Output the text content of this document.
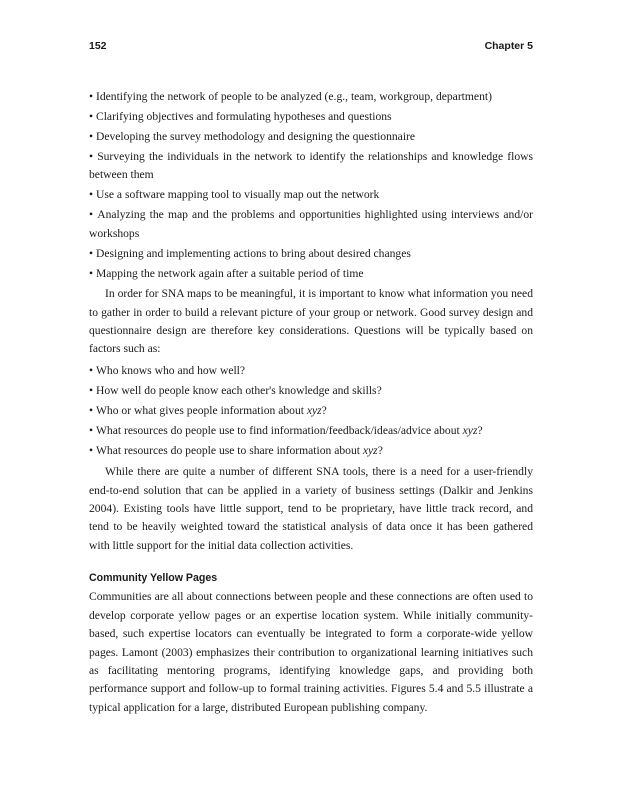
152	Chapter 5
• Identifying the network of people to be analyzed (e.g., team, workgroup, department)
• Clarifying objectives and formulating hypotheses and questions
• Developing the survey methodology and designing the questionnaire
• Surveying the individuals in the network to identify the relationships and knowledge flows between them
• Use a software mapping tool to visually map out the network
• Analyzing the map and the problems and opportunities highlighted using interviews and/or workshops
• Designing and implementing actions to bring about desired changes
• Mapping the network again after a suitable period of time

In order for SNA maps to be meaningful, it is important to know what information you need to gather in order to build a relevant picture of your group or network. Good survey design and questionnaire design are therefore key considerations. Questions will be typically based on factors such as:

• Who knows who and how well?
• How well do people know each other's knowledge and skills?
• Who or what gives people information about xyz?
• What resources do people use to find information/feedback/ideas/advice about xyz?
• What resources do people use to share information about xyz?

While there are quite a number of different SNA tools, there is a need for a user-friendly end-to-end solution that can be applied in a variety of business settings (Dalkir and Jenkins 2004). Existing tools have little support, tend to be proprietary, have little track record, and tend to be heavily weighted toward the statistical analysis of data once it has been gathered with little support for the initial data collection activities.

Community Yellow Pages

Communities are all about connections between people and these connections are often used to develop corporate yellow pages or an expertise location system. While initially community-based, such expertise locators can eventually be integrated to form a corporate-wide yellow pages. Lamont (2003) emphasizes their contribution to organizational learning initiatives such as facilitating mentoring programs, identifying knowledge gaps, and providing both performance support and follow-up to formal training activities. Figures 5.4 and 5.5 illustrate a typical application for a large, distributed European publishing company.
